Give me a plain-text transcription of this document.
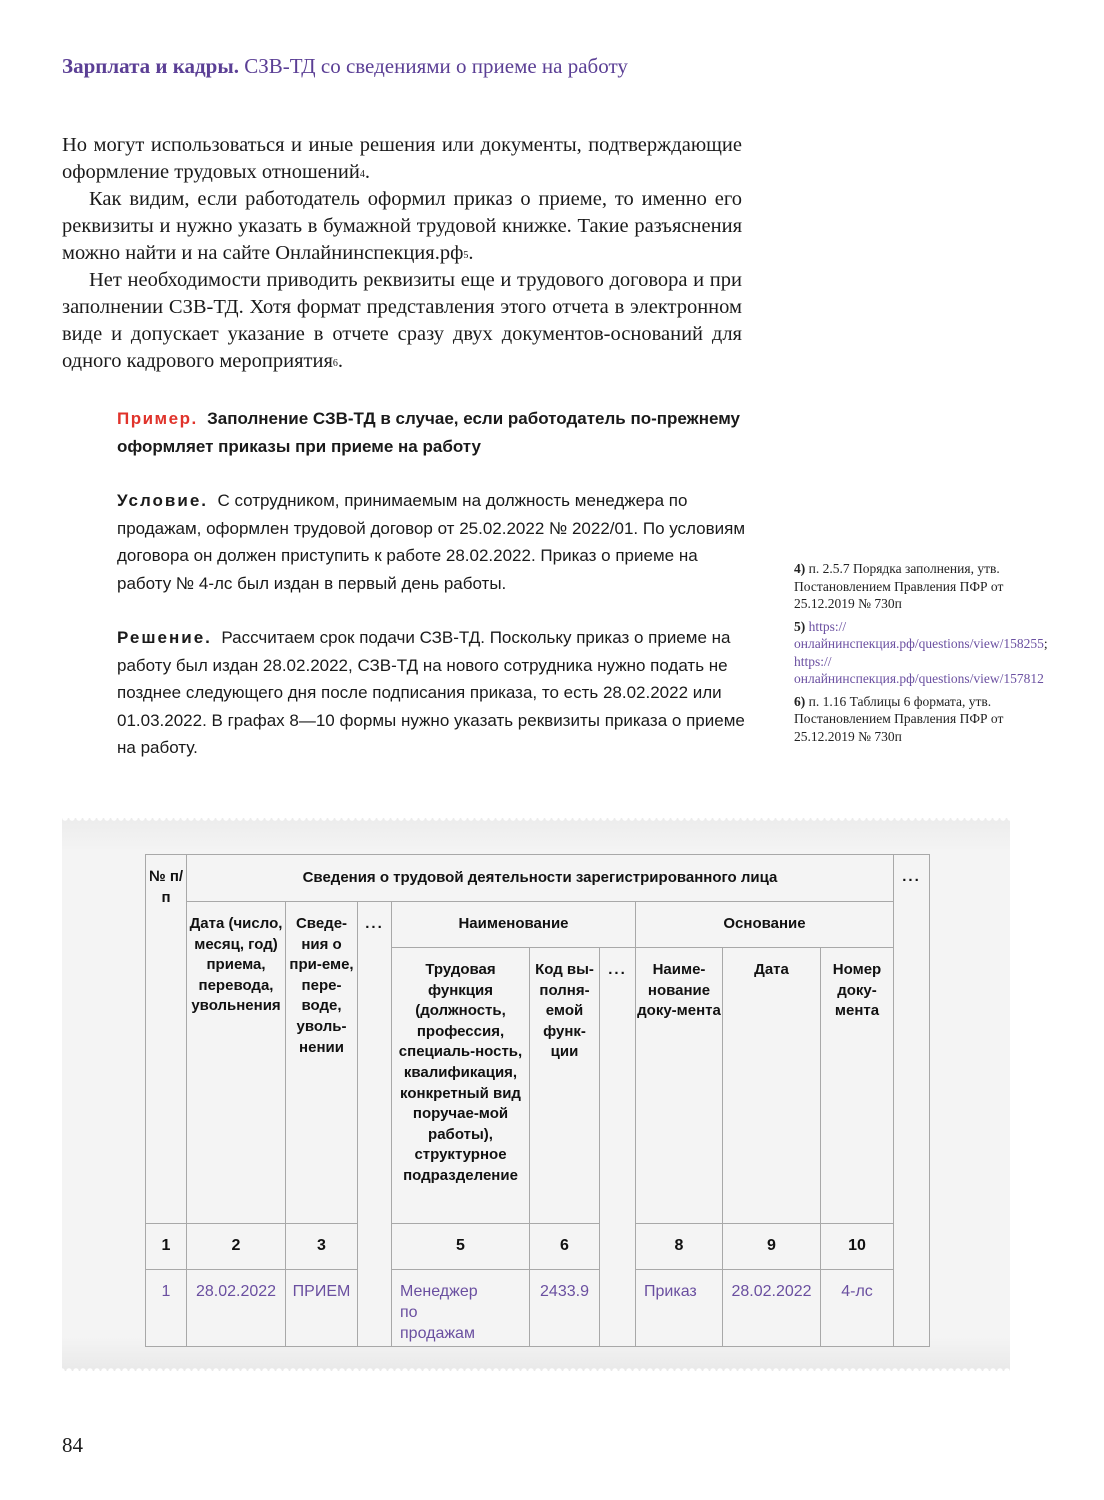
Зарплата и кадры. СЗВ-ТД со сведениями о приеме на работу

Но могут использоваться и иные решения или документы, подтверждающие оформление трудовых отношений$^4$.

Как видим, если работодатель оформил приказ о приеме, то именно его реквизиты и нужно указать в бумажной трудовой книжке. Такие разъяснения можно найти и на сайте $Онлайнинспекция.рф^5$.

Нет необходимости приводить реквизиты еще и трудового договора и при заполнении СЗВ-ТД. Хотя формат представления этого отчета в электронном виде и допускает указание в отчете сразу двух документов-оснований для одного кадрового мероприятия$^6$.

Пример. Заполнение СЗВ-ТД в случае, если работодатель по-прежнему оформляет приказы при приеме на работу

Условие. С сотрудником, принимаемым на должность менеджера по продажам, оформлен трудовой договор от 25.02.2022 № 2022/01. По условиям договора он должен приступить к работе 28.02.2022. Приказ о приеме на работу № 4-лс был издан в первый день работы.

Решение. Рассчитаем срок подачи СЗВ-ТД. Поскольку приказ о приеме на работу был издан 28.02.2022, СЗВ-ТД на нового сотрудника нужно подать не позднее следующего дня после подписания приказа, то есть 28.02.2022 или 01.03.2022. В графах 8—10 формы нужно указать реквизиты приказа о приеме на работу.

4) п. 2.5.7 Порядка заполнения, утв. Постановлением Правления ПФР от 25.12.2019 № 730п
5) https://онлайнинспекция.рф/questions/view/158255; https://онлайнинспекция.рф/questions/view/157812
6) п. 1.16 Таблицы 6 формата, утв. Постановлением Правления ПФР от 25.12.2019 № 730п
№ п/п	Сведения о трудовой деятельности зарегистрированного лица									...
	Дата (число, месяц, год) приема, перевода, увольнения	Сведе-ния о при-еме, пере-воде, уволь-нении	...	Наименование			Основание			
				Трудовая функция (должность, профессия, специаль-ность, квалификация, конкретный вид поручае-мой работы), структурное подразделение	Код вы-полня-емой функ-ции	...	Наиме-нование доку-мента	Дата	Номер доку-мента	
1	2	3		5	6		8	9	10	
1	28.02.2022	ПРИЕМ		Менеджер по продажам	2433.9		Приказ	28.02.2022	4-лс	
84
